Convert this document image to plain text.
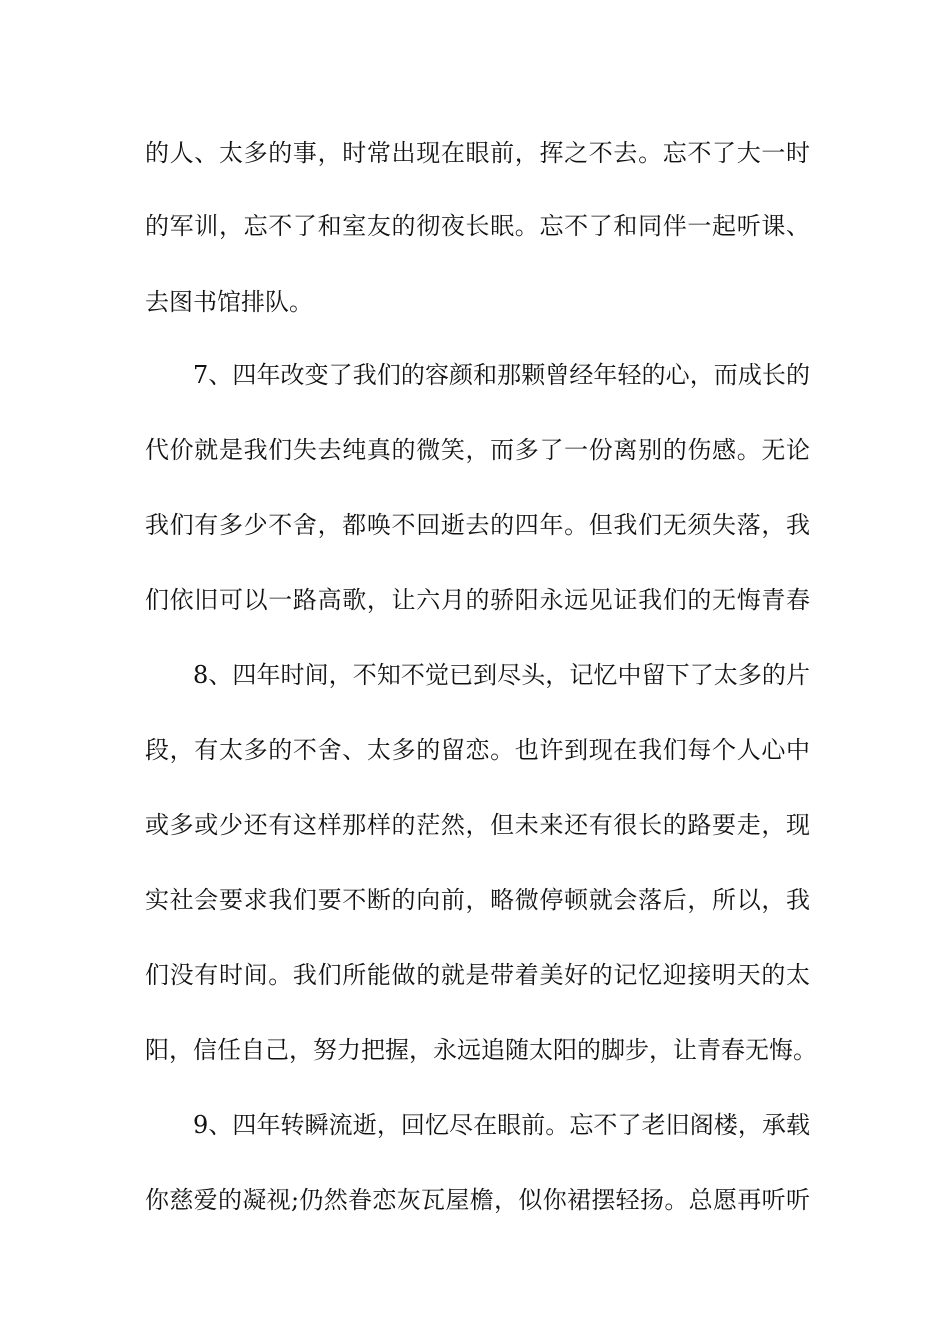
的人、太多的事，时常出现在眼前，挥之不去。忘不了大一时
的军训，忘不了和室友的彻夜长眠。忘不了和同伴一起听课、
去图书馆排队。
7、四年改变了我们的容颜和那颗曾经年轻的心，而成长的
代价就是我们失去纯真的微笑，而多了一份离别的伤感。无论
我们有多少不舍，都唤不回逝去的四年。但我们无须失落，我
们依旧可以一路高歌，让六月的骄阳永远见证我们的无悔青春
8、四年时间，不知不觉已到尽头，记忆中留下了太多的片
段，有太多的不舍、太多的留恋。也许到现在我们每个人心中
或多或少还有这样那样的茫然，但未来还有很长的路要走，现
实社会要求我们要不断的向前，略微停顿就会落后，所以，我
们没有时间。我们所能做的就是带着美好的记忆迎接明天的太
阳，信任自己，努力把握，永远追随太阳的脚步，让青春无悔。
9、四年转瞬流逝，回忆尽在眼前。忘不了老旧阁楼，承载
你慈爱的凝视;仍然眷恋灰瓦屋檐，似你裙摆轻扬。总愿再听听
